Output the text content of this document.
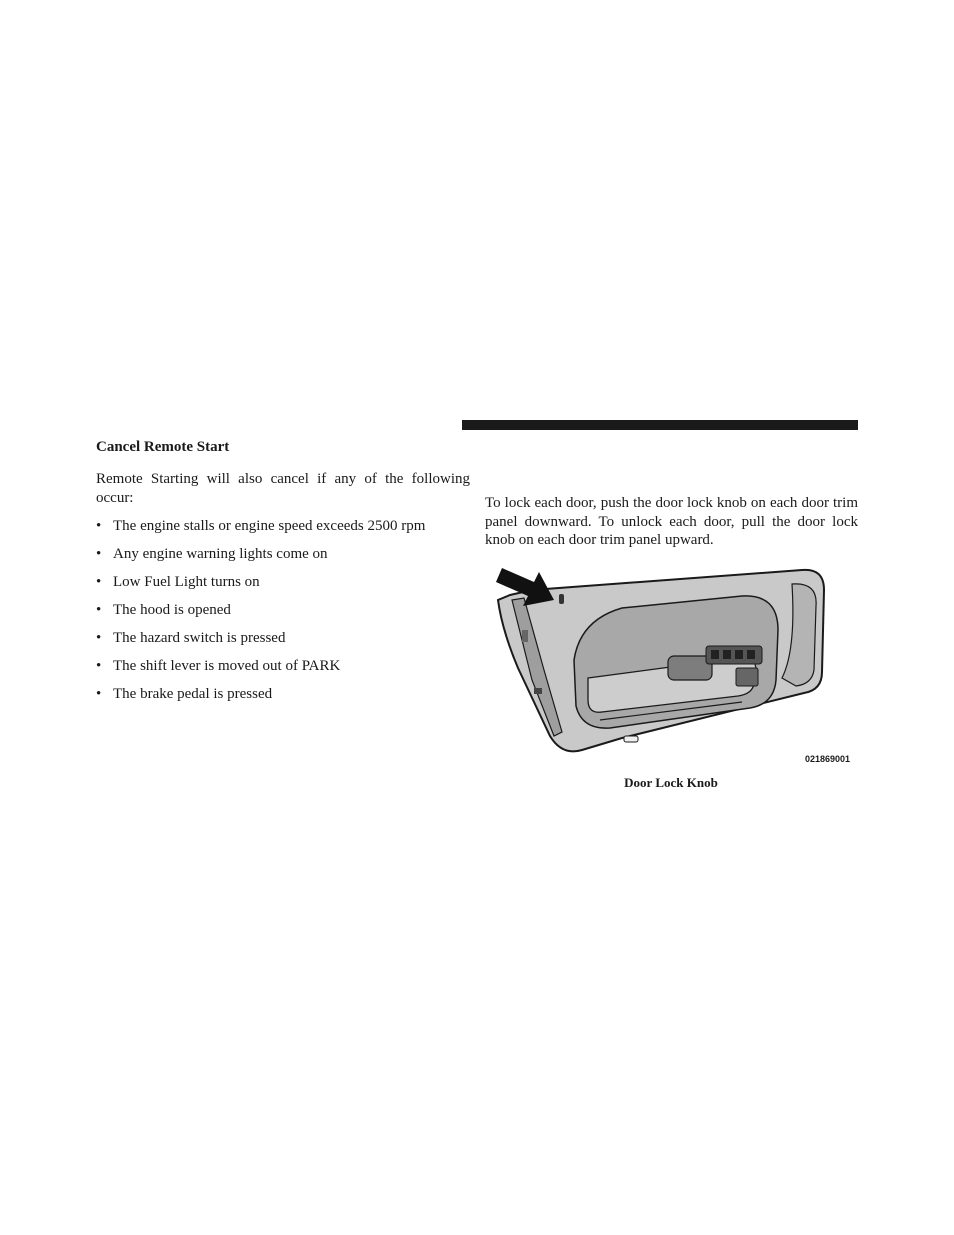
Cancel Remote Start

Remote Starting will also cancel if any of the following occur:

• The engine stalls or engine speed exceeds 2500 rpm
• Any engine warning lights come on
• Low Fuel Light turns on
• The hood is opened
• The hazard switch is pressed
• The shift lever is moved out of PARK
• The brake pedal is pressed

To lock each door, push the door lock knob on each door trim panel downward. To unlock each door, pull the door lock knob on each door trim panel upward.

021869001
Door Lock Knob
